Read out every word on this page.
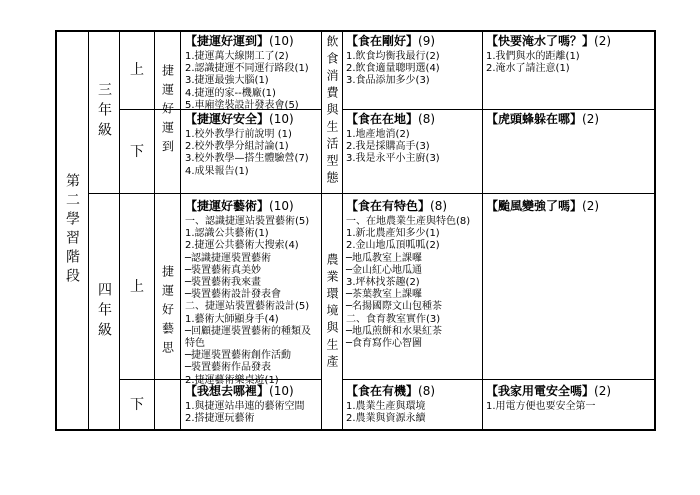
第二學習階段
三年級
四年級
上
下
上
下
捷運好運到
捷運好藝思
飲食消費與生活型態
農業環境與生產
【捷運好運到】(10)
1.捷運萬大線開工了(2)
2.認識捷運不同運行路段(1)
3.捷運最強大腦(1)
4.捷運的家--機廠(1)
5.車廂塗裝設計發表會(5)
【食在剛好】(9)
1.飲食均衡我最行(2)
2.飲食適量聰明選(4)
3.食品添加多少(3)
【快要淹水了嗎？】(2)
1.我們與水的距離(1)
2.淹水了請注意(1)
【捷運好安全】(10)
1.校外教學行前說明 (1)
2.校外教學分組討論(1)
3.校外教學—搭生體驗營(7)
4.成果報告(1)
【食在在地】(8)
1.地產地消(2)
2.我是採購高手(3)
3.我是永平小主廚(3)
【虎頭蜂躲在哪】(2)
【捷運好藝術】(10)
一、認識捷運站裝置藝術(5)
1.認識公共藝術(1)
2.捷運公共藝術大搜索(4)
─認識捷運裝置藝術
─裝置藝術真美妙
─裝置藝術我來畫
─裝置藝術設計發表會
二、捷運站裝置藝術設計(5)
1.藝術大師顯身手(4)
─回顧捷運裝置藝術的種類及
特色
─捷運裝置藝術創作活動
─裝置藝術作品發表
2.捷運藝術樂桌遊(1)
【食在有特色】(8)
一、在地農業生產與特色(8)
1.新北農產知多少(1)
2.金山地瓜頂呱呱(2)
─地瓜教室上課囉
─金山紅心地瓜通
3.坪林找茶趣(2)
─茶葉教室上課囉
─名揚國際文山包種茶
二、食育教室實作(3)
─地瓜煎餅和水果紅茶
─食育寫作心智圖
【颱風變強了嗎】(2)
【我想去哪裡】(10)
1.與捷運站串連的藝術空間
2.搭捷運玩藝術
【食在有機】(8)
1.農業生產與環境
2.農業與資源永續
【我家用電安全嗎】(2)
1.用電方便也要安全第一
